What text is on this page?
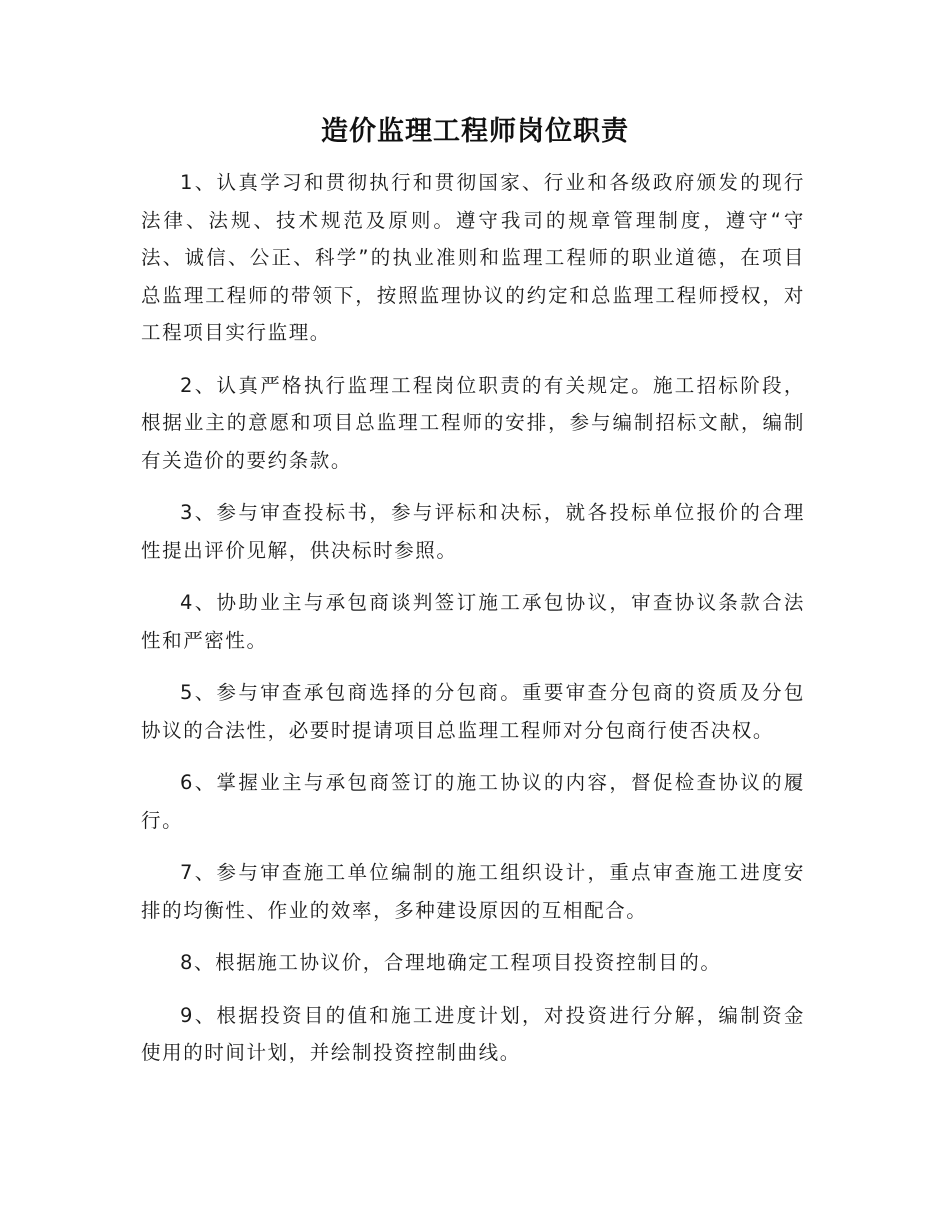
造价监理工程师岗位职责

1、认真学习和贯彻执行和贯彻国家、行业和各级政府颁发的现行法律、法规、技术规范及原则。遵守我司的规章管理制度，遵守“守法、诚信、公正、科学”的执业准则和监理工程师的职业道德，在项目总监理工程师的带领下，按照监理协议的约定和总监理工程师授权，对工程项目实行监理。

2、认真严格执行监理工程岗位职责的有关规定。施工招标阶段，根据业主的意愿和项目总监理工程师的安排，参与编制招标文献，编制有关造价的要约条款。

3、参与审查投标书，参与评标和决标，就各投标单位报价的合理性提出评价见解，供决标时参照。

4、协助业主与承包商谈判签订施工承包协议，审查协议条款合法性和严密性。

5、参与审查承包商选择的分包商。重要审查分包商的资质及分包协议的合法性，必要时提请项目总监理工程师对分包商行使否决权。

6、掌握业主与承包商签订的施工协议的内容，督促检查协议的履行。

7、参与审查施工单位编制的施工组织设计，重点审查施工进度安排的均衡性、作业的效率，多种建设原因的互相配合。

8、根据施工协议价，合理地确定工程项目投资控制目的。

9、根据投资目的值和施工进度计划，对投资进行分解，编制资金使用的时间计划，并绘制投资控制曲线。
